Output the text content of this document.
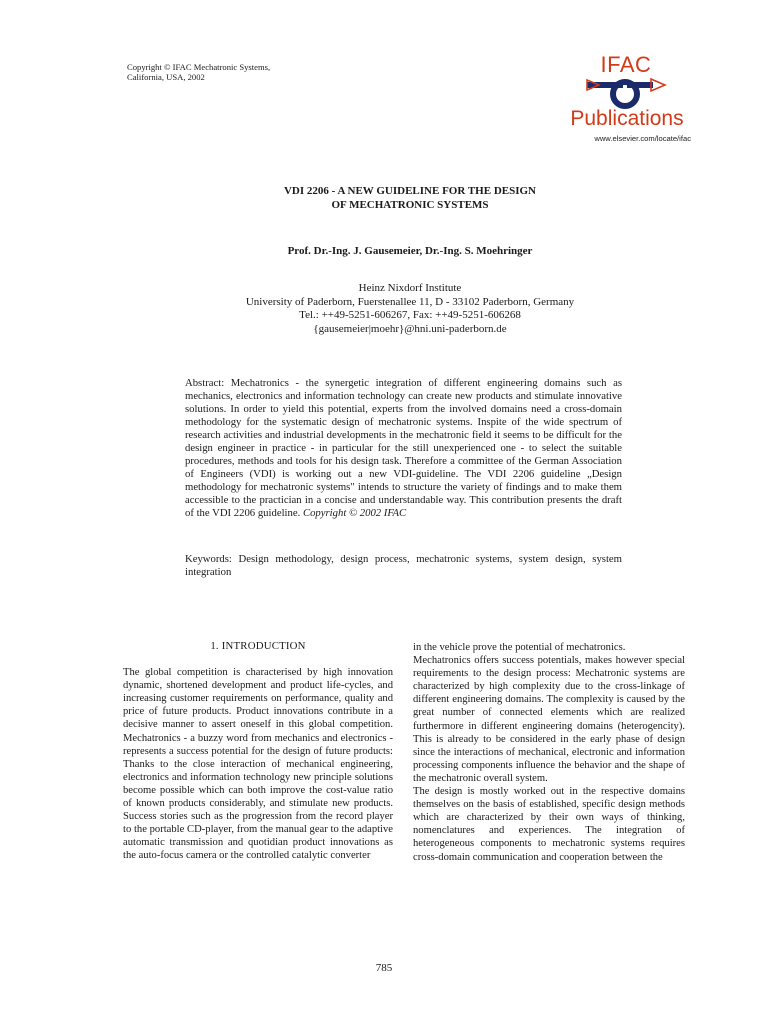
Copyright © IFAC Mechatronic Systems,
California, USA, 2002	IFAC
Publications
www.elsevier.com/locate/ifac
VDI 2206 - A NEW GUIDELINE FOR THE DESIGN
OF MECHATRONIC SYSTEMS
Prof. Dr.-Ing. J. Gausemeier, Dr.-Ing. S. Moehringer
Heinz Nixdorf Institute
University of Paderborn, Fuerstenallee 11, D - 33102 Paderborn, Germany
Tel.: ++49-5251-606267, Fax: ++49-5251-606268
{gausemeier|moehr}@hni.uni-paderborn.de
Abstract: Mechatronics - the synergetic integration of different engineering domains such as mechanics, electronics and information technology can create new products and stimulate innovative solutions. In order to yield this potential, experts from the involved domains need a cross-domain methodology for the systematic design of mechatronic systems. Inspite of the wide spectrum of research activities and industrial developments in the mechatronic field it seems to be difficult for the design engineer in practice - in particular for the still unexperienced one - to select the suitable procedures, methods and tools for his design task. Therefore a committee of the German Association of Engineers (VDI) is working out a new VDI-guideline. The VDI 2206 guideline „Design methodology for mechatronic systems" intends to structure the variety of findings and to make them accessible to the practician in a concise and understandable way. This contribution presents the draft of the VDI 2206 guideline. Copyright © 2002 IFAC
Keywords: Design methodology, design process, mechatronic systems, system design, system integration
1. INTRODUCTION

The global competition is characterised by high innovation dynamic, shortened development and product life-cycles, and increasing customer requirements on performance, quality and price of future products. Product innovations contribute in a decisive manner to assert oneself in this global competition. Mechatronics - a buzzy word from mechanics and electronics - represents a success potential for the design of future products: Thanks to the close interaction of mechanical engineering, electronics and information technology new principle solutions become possible which can both improve the cost-value ratio of known products considerably, and stimulate new products. Success stories such as the progression from the record player to the portable CD-player, from the manual gear to the adaptive automatic transmission and quotidian product innovations as the auto-focus camera or the controlled catalytic converter

in the vehicle prove the potential of mechatronics.

Mechatronics offers success potentials, makes however special requirements to the design process: Mechatronic systems are characterized by high complexity due to the cross-linkage of different engineering domains. The complexity is caused by the great number of connected elements which are realized furthermore in different engineering domains (heterogencity). This is already to be considered in the early phase of design since the interactions of mechanical, electronic and information processing components influence the behavior and the shape of the mechatronic overall system.

The design is mostly worked out in the respective domains themselves on the basis of established, specific design methods which are characterized by their own ways of thinking, nomenclatures and experiences. The integration of heterogeneous components to mechatronic systems requires cross-domain communication and cooperation between the

785
